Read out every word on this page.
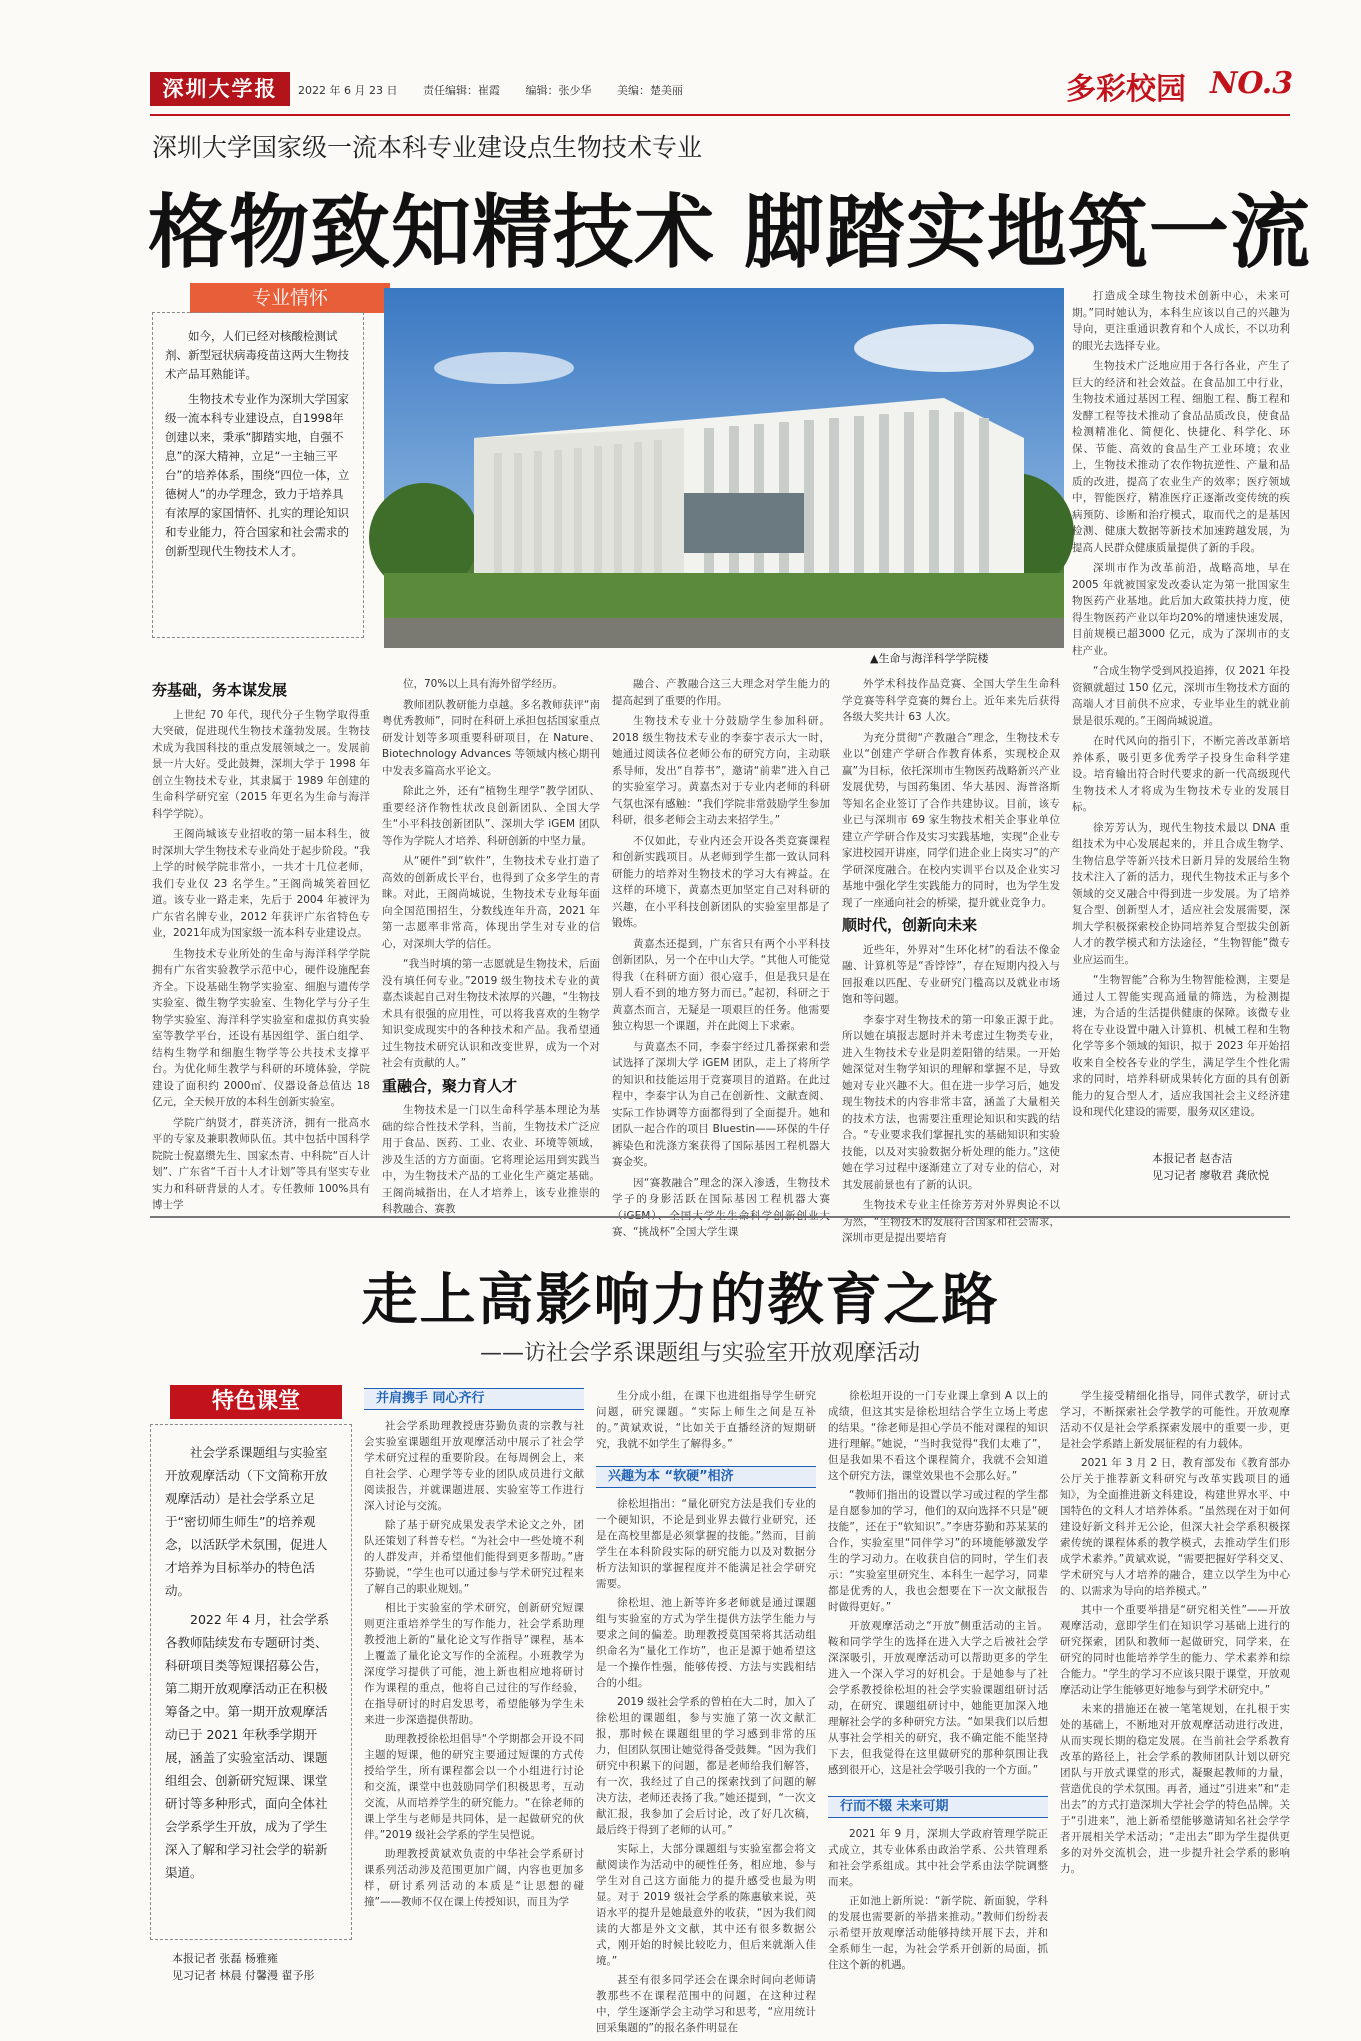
深圳大学报	2022 年 6 月 23 日 责任编辑：崔霞 编辑：张少华 美编：楚美丽	多彩校园 NO.3
深圳大学国家级一流本科专业建设点生物技术专业
格物致知精技术 脚踏实地筑一流
专业情怀

如今，人们已经对核酸检测试剂、新型冠状病毒疫苗这两大生物技术产品耳熟能详。

生物技术专业作为深圳大学国家级一流本科专业建设点，自1998年创建以来，秉承“脚踏实地，自强不息”的深大精神，立足“一主轴三平台”的培养体系，围绕“四位一体，立德树人”的办学理念，致力于培养具有浓厚的家国情怀、扎实的理论知识和专业能力，符合国家和社会需求的创新型现代生物技术人才。

▲生命与海洋科学学院楼
夯基础，务本谋发展

上世纪 70 年代，现代分子生物学取得重大突破，促进现代生物技术蓬勃发展。生物技术成为我国科技的重点发展领域之一。发展前景一片大好。受此鼓舞，深圳大学于 1998 年创立生物技术专业，其隶属于 1989 年创建的生命科学研究室（2015 年更名为生命与海洋科学学院）。

王阁尚城该专业招收的第一届本科生，彼时深圳大学生物技术专业尚处于起步阶段。“我上学的时候学院非常小，一共才十几位老师，我们专业仅 23 名学生。”王阁尚城笑着回忆道。该专业一路走来，先后于 2004 年被评为广东省名牌专业，2012 年获评广东省特色专业，2021年成为国家级一流本科专业建设点。

生物技术专业所处的生命与海洋科学学院拥有广东省实验教学示范中心，硬件设施配套齐全。下设基础生物学实验室、细胞与遗传学实验室、微生物学实验室、生物化学与分子生物学实验室、海洋科学实验室和虚拟仿真实验室等教学平台，还设有基因组学、蛋白组学、结构生物学和细胞生物学等公共技术支撑平台。为优化师生教学与科研的环境体验，学院建设了面积约 2000㎡、仪器设备总值达 18 亿元，全天候开放的本科生创新实验室。

学院广纳贤才，群英济济，拥有一批高水平的专家及兼职教师队伍。其中包括中国科学院院士倪嘉缵先生、国家杰青、中科院“百人计划”、广东省“千百十人才计划”等具有坚实专业实力和科研背景的人才。专任教师 100%具有博士学

位，70%以上具有海外留学经历。

教师团队教研能力卓越。多名教师获评“南粤优秀教师”，同时在科研上承担包括国家重点研发计划等多项重要科研项目，在 Nature、Biotechnology Advances 等领域内核心期刊中发表多篇高水平论文。

除此之外，还有“植物生理学”教学团队、重要经济作物性状改良创新团队、全国大学生“小平科技创新团队”、深圳大学 iGEM 团队等作为学院人才培养、科研创新的中坚力量。

从“硬件”到“软件”，生物技术专业打造了高效的创新成长平台，也得到了众多学生的青睐。对此，王阁尚城说，生物技术专业每年面向全国范围招生，分数线连年升高，2021 年第一志愿率非常高，体现出学生对专业的信心，对深圳大学的信任。

“我当时填的第一志愿就是生物技术，后面没有填任何专业。”2019 级生物技术专业的黄嘉杰谈起自己对生物技术浓厚的兴趣，“生物技术具有很强的应用性，可以将我喜欢的生物学知识变成现实中的各种技术和产品。我希望通过生物技术研究认识和改变世界，成为一个对社会有贡献的人。”

重融合，聚力育人才

生物技术是一门以生命科学基本理论为基础的综合性技术学科，当前，生物技术广泛应用于食品、医药、工业、农业、环境等领域，涉及生活的方方面面。它将理论运用到实践当中，为生物技术产品的工业化生产奠定基础。王阁尚城指出，在人才培养上，该专业推崇的科教融合、赛教

融合、产教融合这三大理念对学生能力的提高起到了重要的作用。

生物技术专业十分鼓励学生参加科研。2018 级生物技术专业的李泰宇表示大一时，她通过阅读各位老师公布的研究方向，主动联系导师，发出“自荐书”，邀请“前辈”进入自己的实验室学习。黄嘉杰对于专业内老师的科研气氛也深有感触：“我们学院非常鼓励学生参加科研，很多老师会主动去来招学生。”

不仅如此，专业内还会开设各类竞赛课程和创新实践项目。从老师到学生都一致认同科研能力的培养对生物技术的学习大有裨益。在这样的环境下，黄嘉杰更加坚定自己对科研的兴趣，在小平科技创新团队的实验室里都是了锻炼。

黄嘉杰还提到，广东省只有两个小平科技创新团队，另一个在中山大学。“其他人可能觉得我（在科研方面）很心寇手，但是我只是在别人看不到的地方努力而已。”起初，科研之于黄嘉杰而言，无疑是一项艰巨的任务。他需要独立构思一个课题，并在此阅上下求索。

与黄嘉杰不同，李泰宇经过几番探索和尝试选择了深圳大学 iGEM 团队，走上了将所学的知识和技能运用于竞赛项目的道路。在此过程中，李泰宇认为自己在创新性、文献查阅、实际工作协调等方面都得到了全面提升。她和团队一起合作的项目 Bluestin——环保的牛仔裤染色和洗涤方案获得了国际基因工程机器大赛金奖。

因“赛教融合”理念的深入渗透，生物技术学子的身影活跃在国际基因工程机器大赛（iGEM）、全国大学生生命科学创新创业大赛、“挑战杯”全国大学生课

外学术科技作品竞赛、全国大学生生命科学竞赛等科学竞赛的舞台上。近年来先后获得各级大奖共计 63 人次。

为充分贯彻“产教融合”理念，生物技术专业以“创建产学研合作教育体系，实现校企双赢”为目标，依托深圳市生物医药战略新兴产业发展优势，与国药集团、华大基因、海普洛斯等知名企业签订了合作共建协议。目前，该专业已与深圳市 69 家生物技术相关企事业单位建立产学研合作及实习实践基地，实现“企业专家进校园开讲座，同学们进企业上岗实习”的产学研深度融合。在校内实训平台以及企业实习基地中强化学生实践能力的同时，也为学生发现了一座通向社会的桥梁，提升就业竞争力。

顺时代，创新向未来

近些年，外界对“生环化材”的看法不像金融、计算机等是“香饽饽”，存在短期内投入与回报难以匹配、专业研究门槛高以及就业市场饱和等问题。

李泰宇对生物技术的第一印象正源于此。所以她在填报志愿时并未考虑过生物类专业，进入生物技术专业是阴差阳错的结果。一开始她深觉对生物学知识的理解和掌握不足，导致她对专业兴趣不大。但在进一步学习后，她发现生物技术的内容非常丰富，涵盖了大量相关的技术方法，也需要注重理论知识和实践的结合。“专业要求我们掌握扎实的基础知识和实验技能，以及对实验数据分析处理的能力。”这使她在学习过程中逐渐建立了对专业的信心，对其发展前景也有了新的认识。

生物技术专业主任徐芳芳对外界舆论不以为然，“生物技术的发展符合国家和社会需求，深圳市更是提出要培育

打造成全球生物技术创新中心，未来可期。”同时她认为，本科生应该以自己的兴趣为导向，更注重通识教育和个人成长，不以功利的眼光去选择专业。

生物技术广泛地应用于各行各业，产生了巨大的经济和社会效益。在食品加工中行业，生物技术通过基因工程、细胞工程、酶工程和发酵工程等技术推动了食品品质改良，使食品检测精准化、简便化、快捷化、科学化、环保、节能、高效的食品生产工业环境；农业上，生物技术推动了农作物抗逆性、产量和品质的改进，提高了农业生产的效率；医疗领域中，智能医疗，精准医疗正逐渐改变传统的疾病预防、诊断和治疗模式，取而代之的是基因检测、健康大数据等新技术加速跨越发展，为提高人民群众健康质量提供了新的手段。

深圳市作为改革前沿，战略高地，早在 2005 年就被国家发改委认定为第一批国家生物医药产业基地。此后加大政策扶持力度，使得生物医药产业以年均20%的增速快速发展，目前规模已超3000 亿元，成为了深圳市的支柱产业。

“合成生物学受到风投追捧，仅 2021 年投资额就超过 150 亿元，深圳市生物技术方面的高端人才目前供不应求，专业毕业生的就业前景是很乐观的。”王阁尚城说道。

在时代风向的指引下，不断完善改革新培养体系，吸引更多优秀学子投身生命科学建设。培育输出符合时代要求的新一代高级现代生物技术人才将成为生物技术专业的发展目标。

徐芳芳认为，现代生物技术最以 DNA 重组技术为中心发展起来的，并且合成生物学、生物信息学等新兴技术日新月异的发展给生物技术注入了新的活力，现代生物技术正与多个领域的交叉融合中得到进一步发展。为了培养复合型、创新型人才，适应社会发展需要，深圳大学积极探索校企协同培养复合型拔尖创新人才的教学模式和方法途径，“生物智能”微专业应运而生。

“生物智能”合称为生物智能检测，主要是通过人工智能实现高通量的筛选，为检测提速，为合适的生活提供健康的保障。该微专业将在专业设置中融入计算机、机械工程和生物化学等多个领域的知识，拟于 2023 年开始招收来自全校各专业的学生，满足学生个性化需求的同时，培养科研成果转化方面的具有创新能力的复合型人才，适应我国社会主义经济建设和现代化建设的需要，服务双区建设。

本报记者 赵杏洁
见习记者 廖敬君 龚欣悦
走上高影响力的教育之路
——访社会学系课题组与实验室开放观摩活动
特色课堂

社会学系课题组与实验室开放观摩活动（下文简称开放观摩活动）是社会学系立足于“密切师生师生”的培养观念，以活跃学术氛围，促进人才培养为目标举办的特色活动。

2022 年 4 月，社会学系各教师陆续发布专题研讨类、科研项目类等短课招募公告，第二期开放观摩活动正在积极筹备之中。第一期开放观摩活动已于 2021 年秋季学期开展，涵盖了实验室活动、课题组组会、创新研究短课、课堂研讨等多种形式，面向全体社会学系学生开放，成为了学生深入了解和学习社会学的崭新渠道。

本报记者 张磊 杨雅雍
见习记者 林晨 付馨漫 翟予彤
并肩携手 同心齐行

社会学系助理教授唐芬勤负责的宗教与社会实验室课题组开放观摩活动中展示了社会学学术研究过程的重要阶段。在每周例会上，来自社会学、心理学等专业的团队成员进行文献阅读报告，并就课题进展、实验室等工作进行深入讨论与交流。

除了基于研究成果发表学术论文之外，团队还策划了科普专栏。“为社会中一些处境不利的人群发声，并希望他们能得到更多帮助。”唐芬勤说，“学生也可以通过参与学术研究过程来了解自己的职业规划。”

相比于实验室的学术研究，创新研究短课则更注重培养学生的写作能力，社会学系助理教授池上新的“量化论文写作指导”课程，基本上覆盖了量化论文写作的全流程。小班教学为深度学习提供了可能，池上新也相应地将研讨作为课程的重点，他将自己过往的写作经验，在指导研讨的时启发思考，希望能够为学生未来进一步深造提供帮助。

助理教授徐松坦倡导“个学期都会开设不同主题的短课，他的研究主要通过短课的方式传授给学生，所有课程都会以一个小组进行讨论和交流，课堂中也鼓励同学们积极思考，互动交流，从而培养学生的研究能力。“在徐老师的课上学生与老师是共同体，是一起做研究的伙伴。”2019 级社会学系的学生吴恺说。

助理教授黄斌欢负责的中华社会学系研讨课系列活动涉及范围更加广阔，内容也更加多样，研讨系列活动的本质是“让思想的碰撞”——教师不仅在课上传授知识，而且为学

生分成小组，在课下也进组指导学生研究问题，研究课题。“实际上师生之间是互补的。”黄斌欢说，“比如关于直播经济的短期研究，我就不如学生了解得多。”

兴趣为本 “软硬”相济

徐松坦指出：“量化研究方法是我们专业的一个硬知识，不论是到业界去做行业研究，还是在高校里都是必须掌握的技能。”然而，目前学生在本科阶段实际的研究能力以及对数据分析方法知识的掌握程度并不能满足社会学研究需要。

徐松坦、池上新等许多老师就是通过课题组与实验室的方式为学生提供方法学生能力与要求之间的偏差。助理教授莫国荣将其活动组织命名为“量化工作坊”，也正是源于她希望这是一个操作性强，能够传授、方法与实践相结合的小组。

2019 级社会学系的曾柏在大二时，加入了徐松坦的课题组，参与实施了第一次文献汇报，那时候在课题组里的学习感到非常的压力，但团队氛围让她觉得备受鼓舞。“因为我们研究中积累下的问题，都是老师给我们解答，有一次，我经过了自己的探索找到了问题的解决方法，老师还表扬了我。”她还提到，“一次文献汇报，我参加了会后讨论，改了好几次稿，最后终于得到了老师的认可。”

实际上，大部分课题组与实验室都会将文献阅读作为活动中的硬性任务，相应地，参与学生对自己这方面能力的提升感受也最为明显。对于 2019 级社会学系的陈惠敏来说，英语水平的提升是她最意外的收获，“因为我们阅读的大都是外文文献，其中还有很多数据公式，刚开始的时候比较吃力，但后来就渐入佳境。”

甚至有很多同学还会在课余时间向老师请教那些不在课程范围中的问题，在这种过程中，学生逐渐学会主动学习和思考，“应用统计回采集题的”的报名条件明显在

徐松坦开设的一门专业课上拿到 A 以上的成绩，但这其实是徐松坦结合学生立场上考虑的结果。“徐老师是担心学员不能对课程的知识进行理解。”她说，“当时我觉得“我们太难了”，但是我如果不看这个课程简介，我就不会知道这个研究方法，课堂效果也不会那么好。”

“教师们指出的设置以学习或过程的学生都是自愿参加的学习，他们的双向选择不只是“硬技能”，还在于“软知识”。”李唐芬勤和苏某某的合作，实验室里“同伴学习”的环境能够激发学生的学习动力。在收获自信的同时，学生们表示：“实验室里研究生、本科生一起学习，同辈都是优秀的人，我也会想要在下一次文献报告时做得更好。”

开放观摩活动之“开放”侧重活动的主旨。鞍和同学学生的选择在进入大学之后被社会学深深吸引，开放观摩活动可以帮助更多的学生进入一个深入学习的好机会。于是她参与了社会学系教授徐松坦的社会学实验课题组研讨活动，在研究、课题组研讨中，她能更加深入地理解社会学的多种研究方法。“如果我们以后想从事社会学相关的研究，我不确定能不能坚持下去，但我觉得在这里做研究的那种氛围让我感到很开心，这是社会学吸引我的一个方面。”

行而不辍 未来可期

2021 年 9 月，深圳大学政府管理学院正式成立，其专业体系由政治学系、公共管理系和社会学系组成。其中社会学系由法学院调整而来。

正如池上新所说：“新学院、新面貌，学科的发展也需要新的举措来推动。”教师们纷纷表示希望开放观摩活动能够持续开展下去，并和全系师生一起，为社会学系开创新的局面，抓住这个新的机遇。

学生接受精细化指导，同伴式教学，研讨式学习，不断探索社会学教学的可能性。开放观摩活动不仅是社会学系探索发展中的重要一步，更是社会学系踏上新发展征程的有力载体。

2021 年 3 月 2 日，教育部发布《教育部办公厅关于推荐新文科研究与改革实践项目的通知》，为全面推进新文科建设，构建世界水平、中国特色的文科人才培养体系。“虽然现在对于如何建设好新文科并无公论，但深大社会学系积极探索传统的课程体系的教学模式，去推动学生们形成学术素养。”黄斌欢说，“需要把握好学科交叉、学术研究与人才培养的融合，建立以学生为中心的、以需求为导向的培养模式。”

其中一个重要举措是“研究相关性”——开放观摩活动，意即学生们在知识学习基础上进行的研究探索，团队和教师一起做研究，同学来，在研究的同时也能培养学生的能力、学术素养和综合能力。“学生的学习不应该只限于课堂，开放观摩活动让学生能够更好地参与到学术研究中。”

未来的措施还在被一笔笔规划，在扎根于实处的基础上，不断地对开放观摩活动进行改进，从而实现长期的稳定发展。在当前社会学系教育改革的路径上，社会学系的教师团队计划以研究团队与开放式课堂的形式，凝聚起教师的力量，营造优良的学术氛围。再者，通过“引进来”和“走出去”的方式打造深圳大学社会学的特色品牌。关于“引进来”，池上新希望能够邀请知名社会学学者开展相关学术活动；“走出去”即为学生提供更多的对外交流机会，进一步提升社会学系的影响力。
